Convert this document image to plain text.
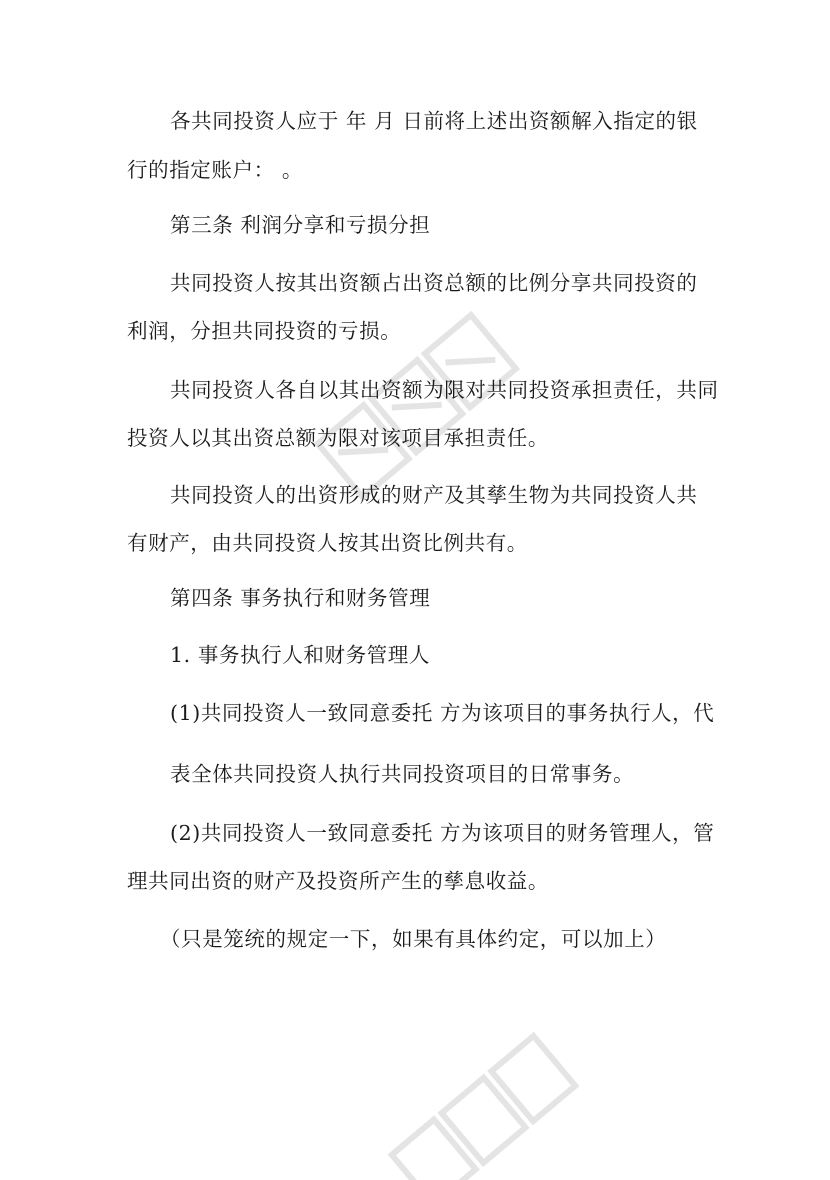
各共同投资人应于 年 月 日前将上述出资额解入指定的银
行的指定账户： 。
第三条 利润分享和亏损分担
共同投资人按其出资额占出资总额的比例分享共同投资的
利润，分担共同投资的亏损。
共同投资人各自以其出资额为限对共同投资承担责任，共同
投资人以其出资总额为限对该项目承担责任。
共同投资人的出资形成的财产及其孳生物为共同投资人共
有财产，由共同投资人按其出资比例共有。
第四条 事务执行和财务管理
1. 事务执行人和财务管理人
(1)共同投资人一致同意委托 方为该项目的事务执行人，代
表全体共同投资人执行共同投资项目的日常事务。
(2)共同投资人一致同意委托 方为该项目的财务管理人，管
理共同出资的财产及投资所产生的孳息收益。
（只是笼统的规定一下，如果有具体约定，可以加上）
